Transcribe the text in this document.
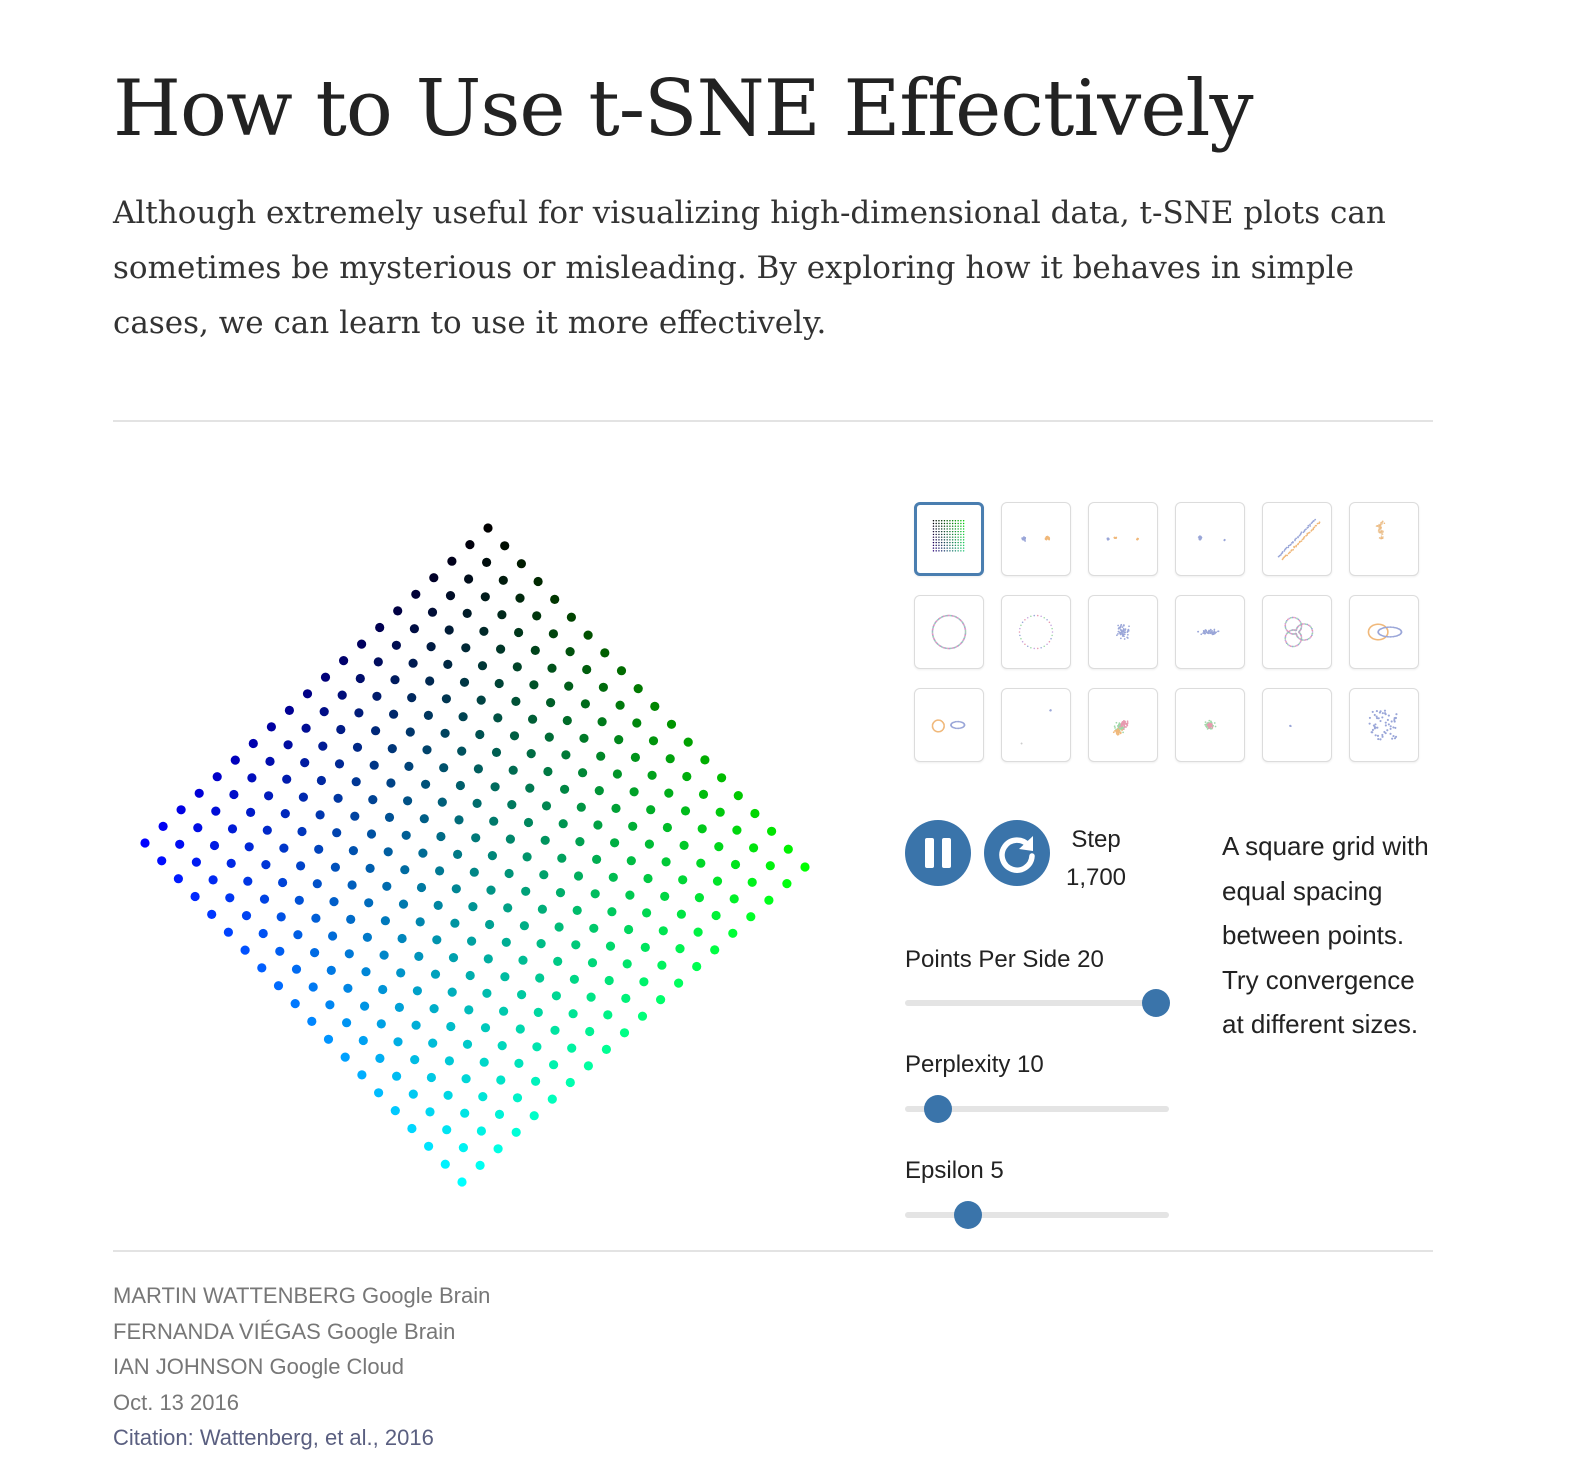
How to Use t-SNE Effectively

Although extremely useful for visualizing high-dimensional data, t-SNE plots can sometimes be mysterious or misleading. By exploring how it behaves in simple cases, we can learn to use it more effectively.

Step
1,700
Points Per Side 20
Perplexity 10
Epsilon 5

A square grid with equal spacing between points. Try convergence at different sizes.

MARTIN WATTENBERG Google Brain
FERNANDA VIÉGAS Google Brain
IAN JOHNSON Google Cloud
Oct. 13 2016
Citation: Wattenberg, et al., 2016
